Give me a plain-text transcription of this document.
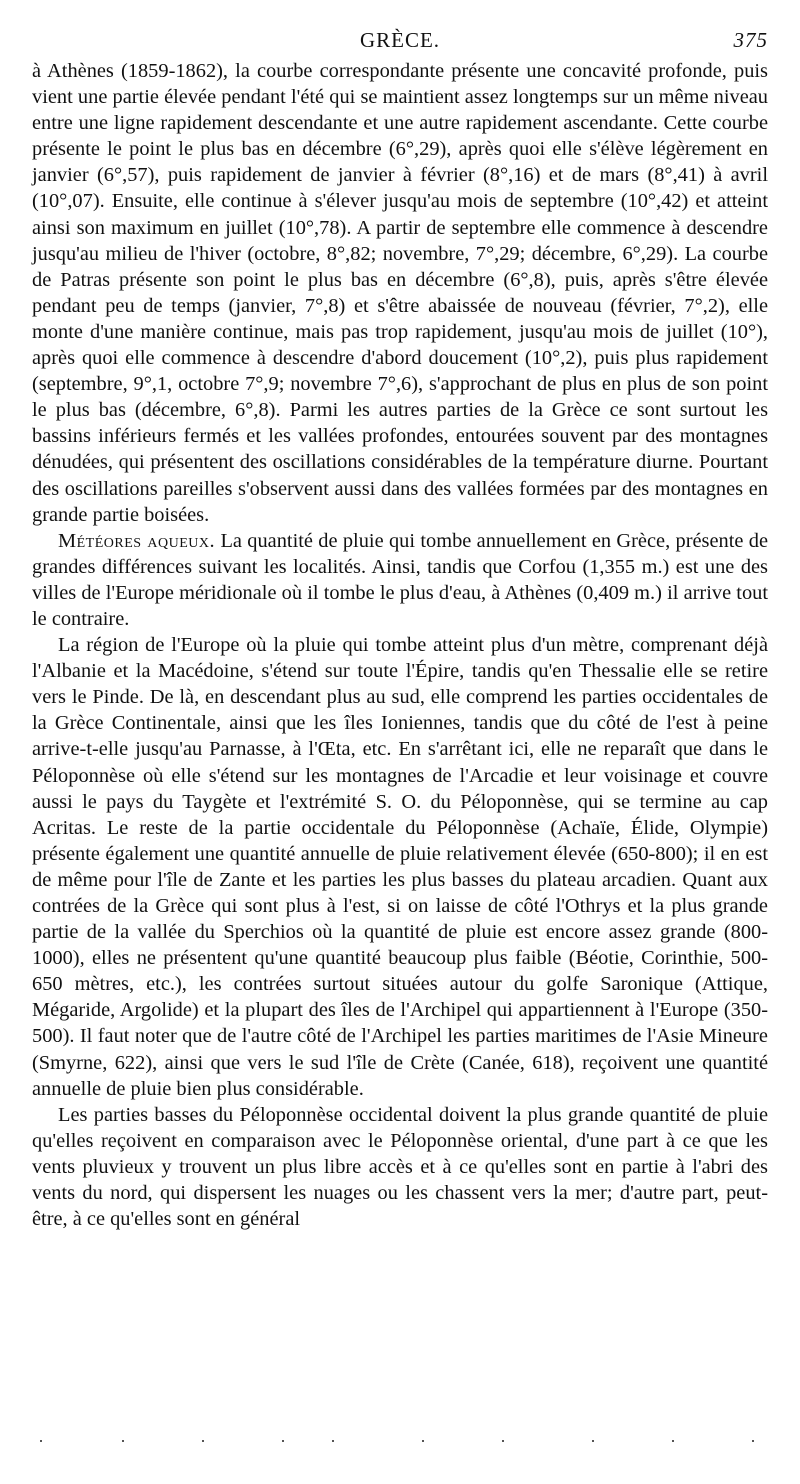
GRÈCE.	375

à Athènes (1859-1862), la courbe correspondante présente une concavité profonde, puis vient une partie élevée pendant l'été qui se maintient assez longtemps sur un même niveau entre une ligne rapidement descendante et une autre rapidement ascendante. Cette courbe présente le point le plus bas en décembre (6°,29), après quoi elle s'élève légèrement en janvier (6°,57), puis rapidement de janvier à février (8°,16) et de mars (8°,41) à avril (10°,07). Ensuite, elle continue à s'élever jusqu'au mois de septembre (10°,42) et atteint ainsi son maximum en juillet (10°,78). A partir de septembre elle commence à descendre jusqu'au milieu de l'hiver (octobre, 8°,82; novembre, 7°,29; décembre, 6°,29). La courbe de Patras présente son point le plus bas en décembre (6°,8), puis, après s'être élevée pendant peu de temps (janvier, 7°,8) et s'être abaissée de nouveau (février, 7°,2), elle monte d'une manière continue, mais pas trop rapidement, jusqu'au mois de juillet (10°), après quoi elle commence à descendre d'abord doucement (10°,2), puis plus rapidement (septembre, 9°,1, octobre 7°,9; novembre 7°,6), s'approchant de plus en plus de son point le plus bas (décembre, 6°,8). Parmi les autres parties de la Grèce ce sont surtout les bassins inférieurs fermés et les vallées profondes, entourées souvent par des montagnes dénudées, qui présentent des oscillations considérables de la température diurne. Pourtant des oscillations pareilles s'observent aussi dans des vallées formées par des montagnes en grande partie boisées.

Météores aqueux. La quantité de pluie qui tombe annuellement en Grèce, présente de grandes différences suivant les localités. Ainsi, tandis que Corfou (1,355 m.) est une des villes de l'Europe méridionale où il tombe le plus d'eau, à Athènes (0,409 m.) il arrive tout le contraire.

La région de l'Europe où la pluie qui tombe atteint plus d'un mètre, comprenant déjà l'Albanie et la Macédoine, s'étend sur toute l'Épire, tandis qu'en Thessalie elle se retire vers le Pinde. De là, en descendant plus au sud, elle comprend les parties occidentales de la Grèce Continentale, ainsi que les îles Ioniennes, tandis que du côté de l'est à peine arrive-t-elle jusqu'au Parnasse, à l'Œta, etc. En s'arrêtant ici, elle ne reparaît que dans le Péloponnèse où elle s'étend sur les montagnes de l'Arcadie et leur voisinage et couvre aussi le pays du Taygète et l'extrémité S. O. du Péloponnèse, qui se termine au cap Acritas. Le reste de la partie occidentale du Péloponnèse (Achaïe, Élide, Olympie) présente également une quantité annuelle de pluie relativement élevée (650-800); il en est de même pour l'île de Zante et les parties les plus basses du plateau arcadien. Quant aux contrées de la Grèce qui sont plus à l'est, si on laisse de côté l'Othrys et la plus grande partie de la vallée du Sperchios où la quantité de pluie est encore assez grande (800-1000), elles ne présentent qu'une quantité beaucoup plus faible (Béotie, Corinthie, 500-650 mètres, etc.), les contrées surtout situées autour du golfe Saronique (Attique, Mégaride, Argolide) et la plupart des îles de l'Archipel qui appartiennent à l'Europe (350-500). Il faut noter que de l'autre côté de l'Archipel les parties maritimes de l'Asie Mineure (Smyrne, 622), ainsi que vers le sud l'île de Crète (Canée, 618), reçoivent une quantité annuelle de pluie bien plus considérable.

Les parties basses du Péloponnèse occidental doivent la plus grande quantité de pluie qu'elles reçoivent en comparaison avec le Péloponnèse oriental, d'une part à ce que les vents pluvieux y trouvent un plus libre accès et à ce qu'elles sont en partie à l'abri des vents du nord, qui dispersent les nuages ou les chassent vers la mer; d'autre part, peut-être, à ce qu'elles sont en général
